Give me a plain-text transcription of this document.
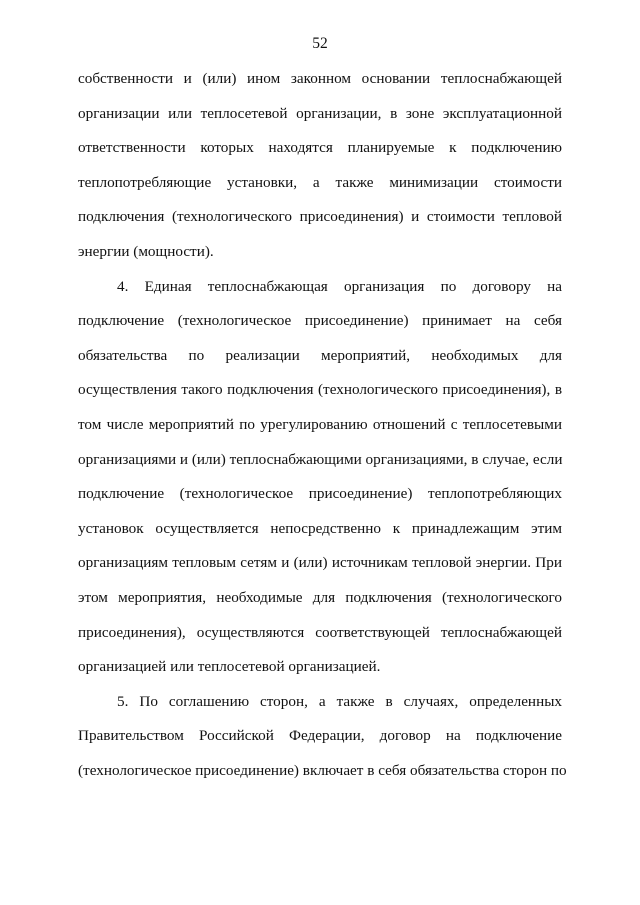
52
собственности и (или) ином законном основании теплоснабжающей
организации или теплосетевой организации, в зоне эксплуатационной
ответственности которых находятся планируемые к подключению
теплопотребляющие установки, а также минимизации стоимости
подключения (технологического присоединения) и стоимости тепловой
энергии (мощности).
4. Единая теплоснабжающая организация по договору на
подключение (технологическое присоединение) принимает на себя
обязательства по реализации мероприятий, необходимых для
осуществления такого подключения (технологического присоединения), в
том числе мероприятий по урегулированию отношений с теплосетевыми
организациями и (или) теплоснабжающими организациями, в случае, если
подключение (технологическое присоединение) теплопотребляющих
установок осуществляется непосредственно к принадлежащим этим
организациям тепловым сетям и (или) источникам тепловой энергии. При
этом мероприятия, необходимые для подключения (технологического
присоединения), осуществляются соответствующей теплоснабжающей
организацией или теплосетевой организацией.
5. По соглашению сторон, а также в случаях, определенных
Правительством Российской Федерации, договор на подключение
(технологическое присоединение) включает в себя обязательства сторон по
